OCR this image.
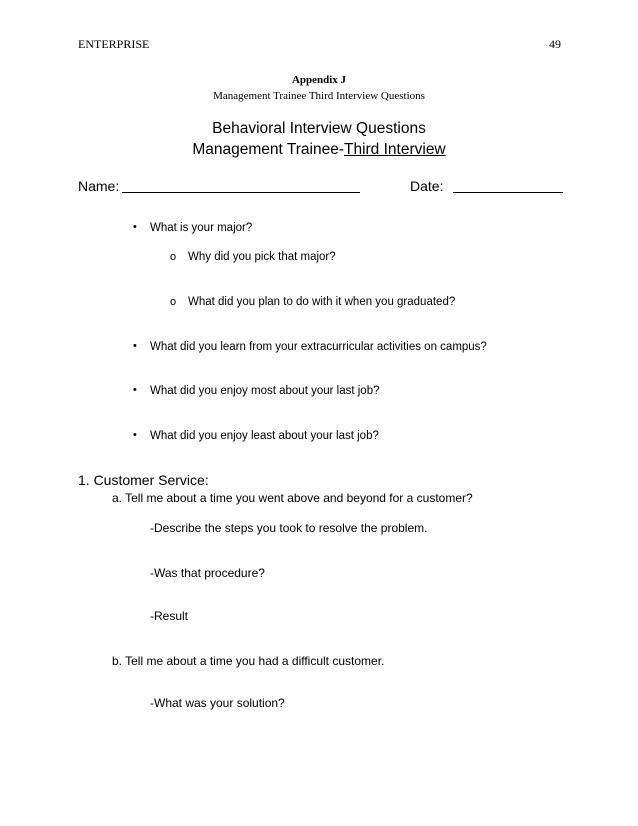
ENTERPRISE	49
Appendix J
Management Trainee Third Interview Questions
Behavioral Interview Questions
Management Trainee-Third Interview
Name:	Date:
• What is your major?
o Why did you pick that major?
o What did you plan to do with it when you graduated?
• What did you learn from your extracurricular activities on campus?
• What did you enjoy most about your last job?
• What did you enjoy least about your last job?
1. Customer Service:
a. Tell me about a time you went above and beyond for a customer?
-Describe the steps you took to resolve the problem.
-Was that procedure?
-Result
b. Tell me about a time you had a difficult customer.
-What was your solution?
